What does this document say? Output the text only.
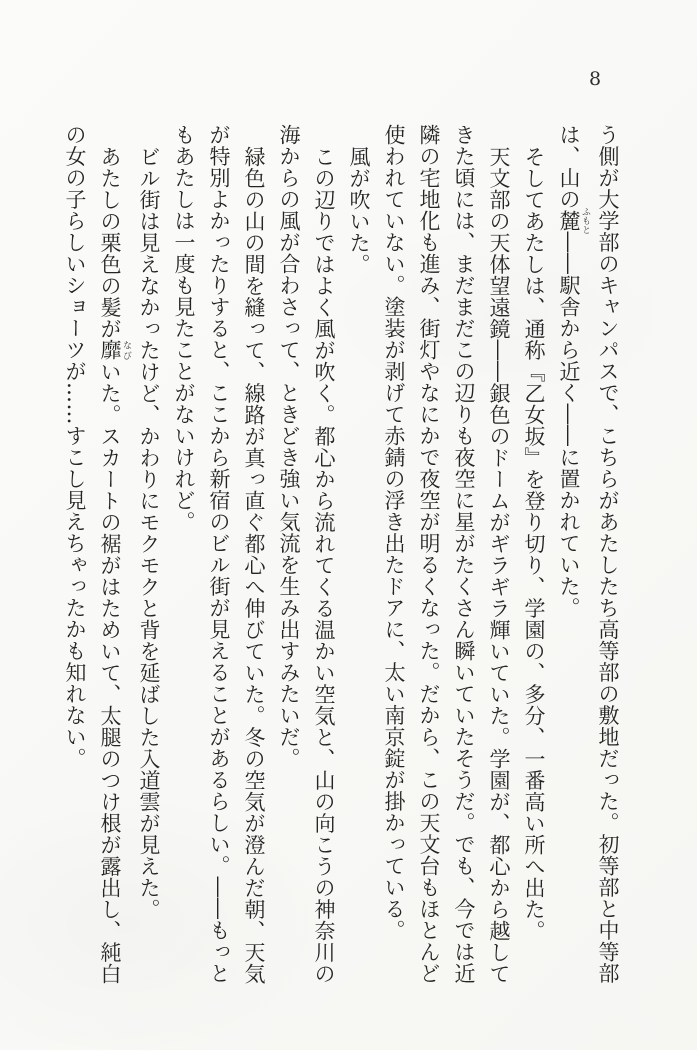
8
う側が大学部のキャンパスで、こちらがあたしたち高等部の敷地だった。初等部と中等部
は、山の麓 ふもと――駅舎から近く――に置かれていた。
そしてあたしは、通称『乙女坂』を登り切り、学園の、多分、一番高い所へ出た。
天文部の天体望遠鏡――銀色のドームがギラギラ輝いていた。学園が、都心から越して
きた頃には、まだまだこの辺りも夜空に星がたくさん瞬いていたそうだ。でも、今では近
隣の宅地化も進み、街灯やなにかで夜空が明るくなった。だから、この天文台もほとんど
使われていない。塗装が剥げて赤錆の浮き出たドアに、太い南京錠が掛かっている。
風が吹いた。
この辺りではよく風が吹く。都心から流れてくる温かい空気と、山の向こうの神奈川の
海からの風が合わさって、ときどき強い気流を生み出すみたいだ。
緑色の山の間を縫って、線路が真っ直ぐ都心へ伸びていた。冬の空気が澄んだ朝、天気
が特別よかったりすると、ここから新宿のビル街が見えることがあるらしい。――もっと
もあたしは一度も見たことがないけれど。
ビル街は見えなかったけど、かわりにモクモクと背を延ばした入道雲が見えた。
あたしの栗色の髪が靡 なびいた。スカートの裾がはためいて、太腿のつけ根が露出し、純白
の女の子らしいショーツが……すこし見えちゃったかも知れない。
